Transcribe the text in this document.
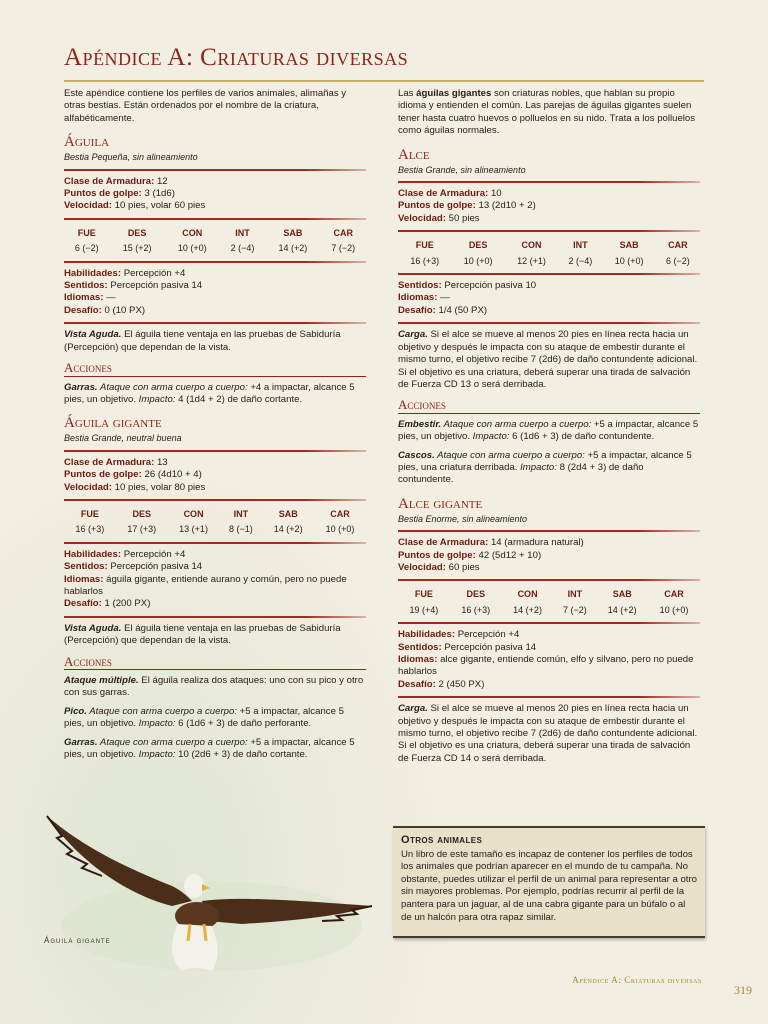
Apéndice A: Criaturas diversas

Este apéndice contiene los perfiles de varios animales, alimañas y otras bestias. Están ordenados por el nombre de la criatura, alfabéticamente.

Águila

Bestia Pequeña, sin alineamiento

Clase de Armadura: 12

Puntos de golpe: 3 (1d6)

Velocidad: 10 pies, volar 60 pies

FUE	DES	CON	INT	SAB	CAR
6 (−2)	15 (+2)	10 (+0)	2 (−4)	14 (+2)	7 (−2)

Habilidades: Percepción +4

Sentidos: Percepción pasiva 14

Idiomas: —

Desafío: 0 (10 PX)

Vista Aguda. El águila tiene ventaja en las pruebas de Sabiduría (Percepción) que dependan de la vista.

Acciones

Garras. Ataque con arma cuerpo a cuerpo: +4 a impactar, alcance 5 pies, un objetivo. Impacto: 4 (1d4 + 2) de daño cortante.

Águila gigante

Bestia Grande, neutral buena

Clase de Armadura: 13

Puntos de golpe: 26 (4d10 + 4)

Velocidad: 10 pies, volar 80 pies

FUE	DES	CON	INT	SAB	CAR
16 (+3)	17 (+3)	13 (+1)	8 (−1)	14 (+2)	10 (+0)

Habilidades: Percepción +4

Sentidos: Percepción pasiva 14

Idiomas: águila gigante, entiende aurano y común, pero no puede hablarlos

Desafío: 1 (200 PX)

Vista Aguda. El águila tiene ventaja en las pruebas de Sabiduría (Percepción) que dependan de la vista.

Acciones

Ataque múltiple. El águila realiza dos ataques: uno con su pico y otro con sus garras.

Pico. Ataque con arma cuerpo a cuerpo: +5 a impactar, alcance 5 pies, un objetivo. Impacto: 6 (1d6 + 3) de daño perforante.

Garras. Ataque con arma cuerpo a cuerpo: +5 a impactar, alcance 5 pies, un objetivo. Impacto: 10 (2d6 + 3) de daño cortante.

Las águilas gigantes son criaturas nobles, que hablan su propio idioma y entienden el común. Las parejas de águilas gigantes suelen tener hasta cuatro huevos o polluelos en su nido. Trata a los polluelos como águilas normales.

Alce

Bestia Grande, sin alineamiento

Clase de Armadura: 10

Puntos de golpe: 13 (2d10 + 2)

Velocidad: 50 pies

FUE	DES	CON	INT	SAB	CAR
16 (+3)	10 (+0)	12 (+1)	2 (−4)	10 (+0)	6 (−2)

Sentidos: Percepción pasiva 10

Idiomas: —

Desafío: 1/4 (50 PX)

Carga. Si el alce se mueve al menos 20 pies en línea recta hacia un objetivo y después le impacta con su ataque de embestir durante el mismo turno, el objetivo recibe 7 (2d6) de daño contundente adicional. Si el objetivo es una criatura, deberá superar una tirada de salvación de Fuerza CD 13 o será derribada.

Acciones

Embestir. Ataque con arma cuerpo a cuerpo: +5 a impactar, alcance 5 pies, un objetivo. Impacto: 6 (1d6 + 3) de daño contundente.

Cascos. Ataque con arma cuerpo a cuerpo: +5 a impactar, alcance 5 pies, una criatura derribada. Impacto: 8 (2d4 + 3) de daño contundente.

Alce gigante

Bestia Enorme, sin alineamiento

Clase de Armadura: 14 (armadura natural)

Puntos de golpe: 42 (5d12 + 10)

Velocidad: 60 pies

FUE	DES	CON	INT	SAB	CAR
19 (+4)	16 (+3)	14 (+2)	7 (−2)	14 (+2)	10 (+0)

Habilidades: Percepción +4

Sentidos: Percepción pasiva 14

Idiomas: alce gigante, entiende común, elfo y silvano, pero no puede hablarlos

Desafío: 2 (450 PX)

Carga. Si el alce se mueve al menos 20 pies en línea recta hacia un objetivo y después le impacta con su ataque de embestir durante el mismo turno, el objetivo recibe 7 (2d6) de daño contundente adicional. Si el objetivo es una criatura, deberá superar una tirada de salvación de Fuerza CD 14 o será derribada.

Otros animales
Un libro de este tamaño es incapaz de contener los perfiles de todos los animales que podrían aparecer en el mundo de tu campaña. No obstante, puedes utilizar el perfil de un animal para representar a otro sin mayores problemas. Por ejemplo, podrías recurrir al perfil de la pantera para un jaguar, al de una cabra gigante para un búfalo o al de un halcón para otra rapaz similar.
Águila gigante
Apéndice A: Criaturas diversas
319
